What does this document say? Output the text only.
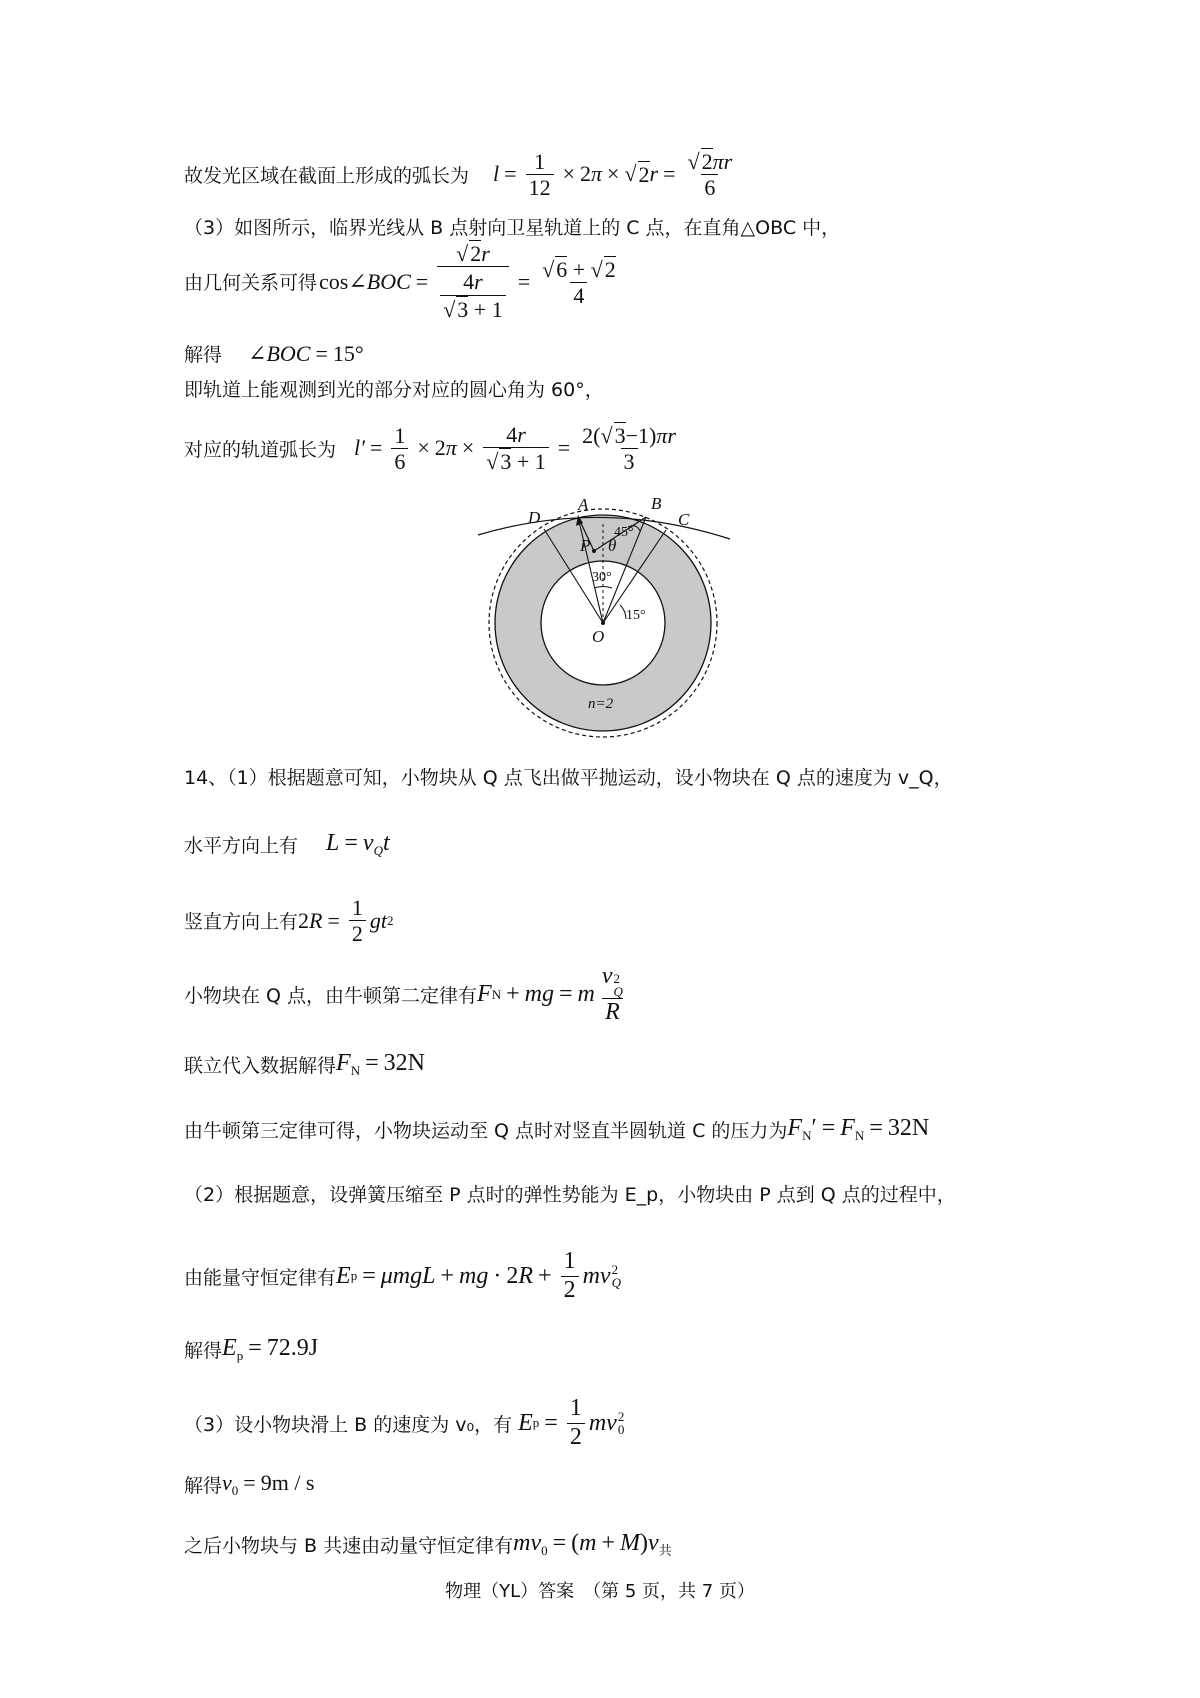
故发光区域在截面上形成的弧长为 $l = \frac{1}{12} \times 2$ π × √ 2 $r = \frac{√2\pi r}{6}$
（3）如图所示，临界光线从 B 点射向卫星轨道上的 C 点，在直角△OBC 中，
由几何关系可得 cos∠ BOC = $\frac{√2r}{\frac{4r}{√3 + 1}} = \frac{√6 + √2}{4}$
解得 ∠BOC = 15°
即轨道上能观测到光的部分对应的圆心角为 60°，
对应的轨道弧长为 $l' = \frac{1}{6} \times 2$ $\pi \times \frac{4r}{√3 + 1} = \frac{2(√3-1)\pi r}{3}$
D
A	B
C
P θ
O
n=2
45°
30°
15°
14、（1）根据题意可知，小物块从 Q 点飞出做平抛运动，设小物块在 Q 点的速度为 v_Q，
水平方向上有 $L = v_Qt$
竖直方向上有 2 $R = \frac{1}{2}$ gt 2
小物块在 Q 点，由牛顿第二定律有 F N + mg = m v 2
Q
R
联立代入数据解得 $F_N = 32N$
由牛顿第三定律可得，小物块运动至 Q 点时对竖直半圆轨道 C 的压力为 $F_N' = F_N = 32N$
（2）根据题意，设弹簧压缩至 P 点时的弹性势能为 E_p，小物块由 P 点到 Q 点的过程中，
由能量守恒定律有 E p = μmgL + mg · 2 $R + \frac{1}{2}$ mv 2
Q
解得 $E_p = 72.9J$
（3）设小物块滑上 B 的速度为 v₀，有 E $p = \frac{1}{2}$ mv 2
0
解得 $v_0 = 9m / s$
之后小物块与 B 共速由动量守恒定律有 $mv_0 = (m + M)v_共$
物理（YL）答案　（第 5 页，共 7 页）
